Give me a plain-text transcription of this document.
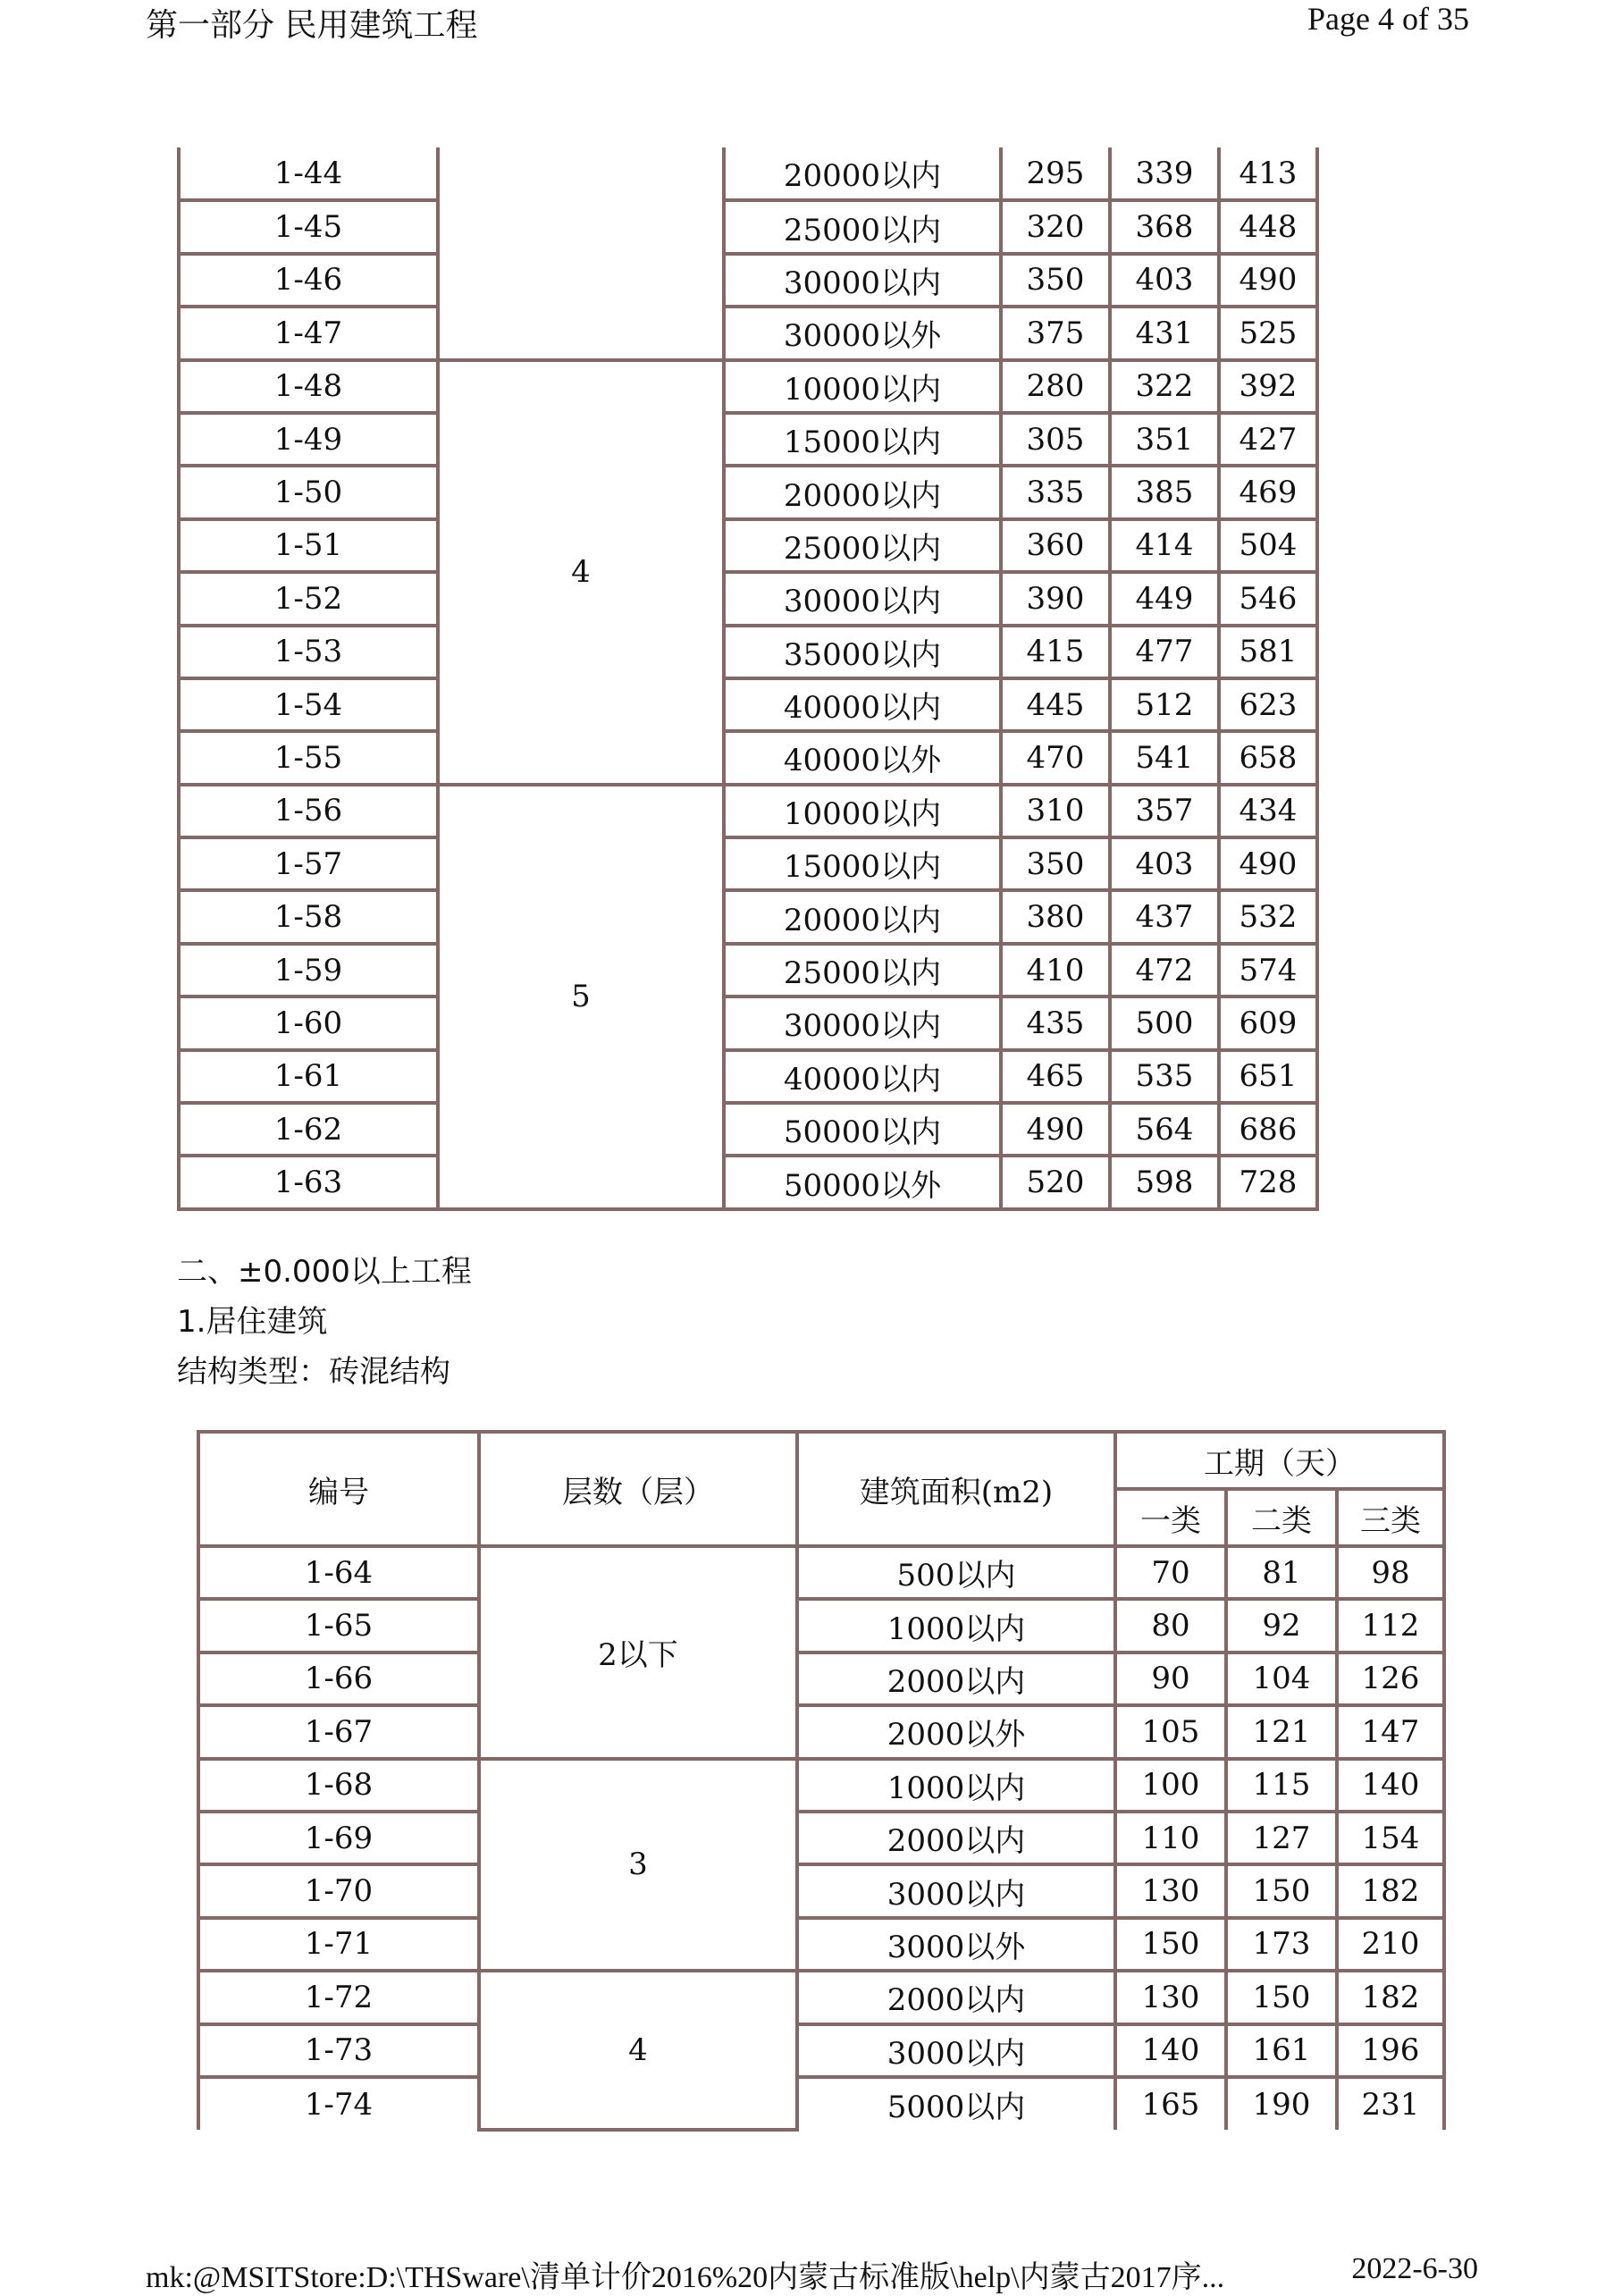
第一部分 民用建筑工程	Page 4 of 35
1-44		20000以内	295	339	413
1-45		25000以内	320	368	448
1-46		30000以内	350	403	490
1-47		30000以外	375	431	525
1-48	4	10000以内	280	322	392
1-49		15000以内	305	351	427
1-50		20000以内	335	385	469
1-51		25000以内	360	414	504
1-52		30000以内	390	449	546
1-53		35000以内	415	477	581
1-54		40000以内	445	512	623
1-55		40000以外	470	541	658
1-56	5	10000以内	310	357	434
1-57		15000以内	350	403	490
1-58		20000以内	380	437	532
1-59		25000以内	410	472	574
1-60		30000以内	435	500	609
1-61		40000以内	465	535	651
1-62		50000以内	490	564	686
1-63		50000以外	520	598	728
二、±0.000以上工程
1.居住建筑
结构类型：砖混结构
编号	层数（层）	建筑面积(m2)	工期（天）		
			一类	二类	三类
1-64	2以下	500以内	70	81	98
1-65		1000以内	80	92	112
1-66		2000以内	90	104	126
1-67		2000以外	105	121	147
1-68	3	1000以内	100	115	140
1-69		2000以内	110	127	154
1-70		3000以内	130	150	182
1-71		3000以外	150	173	210
1-72	4	2000以内	130	150	182
1-73		3000以内	140	161	196
1-74		5000以内	165	190	231
mk:@MSITStore:D:\THSware\清单计价2016%20内蒙古标准版\help\内蒙古2017序...	2022-6-30
